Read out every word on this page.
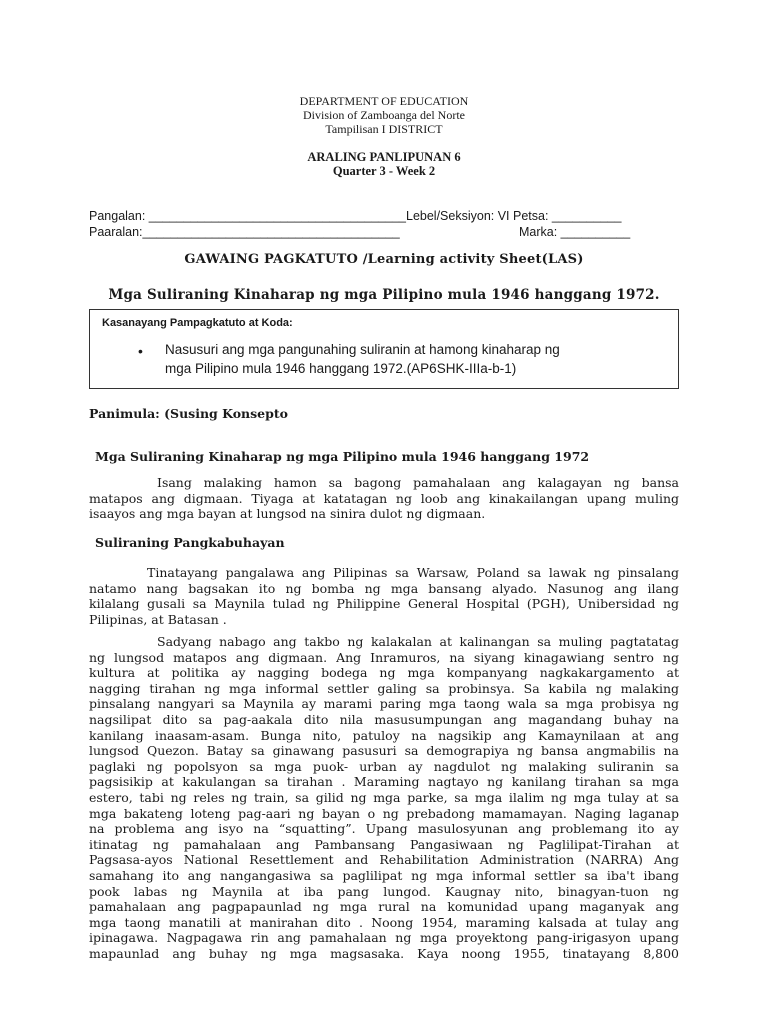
DEPARTMENT OF EDUCATION
Division of Zamboanga del Norte
Tampilisan I DISTRICT
ARALING PANLIPUNAN 6
Quarter 3 - Week 2
Pangalan: _____________________________________Lebel/Seksiyon: VI Petsa: __________
Paaralan:_____________________________________	Marka: __________
GAWAING PAGKATUTO /Learning activity Sheet(LAS)
Mga Suliraning Kinaharap ng mga Pilipino mula 1946 hanggang 1972.
Kasanayang Pampagkatuto at Koda:
• Nasusuri ang mga pangunahing suliranin at hamong kinaharap ng
mga Pilipino mula 1946 hanggang 1972.(AP6SHK-IIIa-b-1)
Panimula: (Susing Konsepto
Mga Suliraning Kinaharap ng mga Pilipino mula 1946 hanggang 1972
Isang malaking hamon sa bagong pamahalaan ang kalagayan ng bansa
matapos ang digmaan. Tiyaga at katatagan ng loob ang kinakailangan upang muling
isaayos ang mga bayan at lungsod na sinira dulot ng digmaan.
Suliraning Pangkabuhayan
Tinatayang pangalawa ang Pilipinas sa Warsaw, Poland sa lawak ng pinsalang
natamo nang bagsakan ito ng bomba ng mga bansang alyado. Nasunog ang ilang
kilalang gusali sa Maynila tulad ng Philippine General Hospital (PGH), Unibersidad ng
Pilipinas, at Batasan .
Sadyang nabago ang takbo ng kalakalan at kalinangan sa muling pagtatatag
ng lungsod matapos ang digmaan. Ang Inramuros, na siyang kinagawiang sentro ng
kultura at politika ay nagging bodega ng mga kompanyang nagkakargamento at
nagging tirahan ng mga informal settler galing sa probinsya. Sa kabila ng malaking
pinsalang nangyari sa Maynila ay marami paring mga taong wala sa mga probisya ng
nagsilipat dito sa pag-aakala dito nila masusumpungan ang magandang buhay na
kanilang inaasam-asam. Bunga nito, patuloy na nagsikip ang Kamaynilaan at ang
lungsod Quezon. Batay sa ginawang pasusuri sa demograpiya ng bansa angmabilis na
paglaki ng popolsyon sa mga puok- urban ay nagdulot ng malaking suliranin sa
pagsisikip at kakulangan sa tirahan . Maraming nagtayo ng kanilang tirahan sa mga
estero, tabi ng reles ng train, sa gilid ng mga parke, sa mga ilalim ng mga tulay at sa
mga bakateng loteng pag-aari ng bayan o ng prebadong mamamayan. Naging laganap
na problema ang isyo na “squatting”. Upang masulosyunan ang problemang ito ay
itinatag ng pamahalaan ang Pambansang Pangasiwaan ng Paglilipat-Tirahan at
Pagsasa-ayos National Resettlement and Rehabilitation Administration (NARRA) Ang
samahang ito ang nangangasiwa sa paglilipat ng mga informal settler sa iba't ibang
pook labas ng Maynila at iba pang lungod. Kaugnay nito, binagyan-tuon ng
pamahalaan ang pagpapaunlad ng mga rural na komunidad upang maganyak ang
mga taong manatili at manirahan dito . Noong 1954, maraming kalsada at tulay ang
ipinagawa. Nagpagawa rin ang pamahalaan ng mga proyektong pang-irigasyon upang
mapaunlad ang buhay ng mga magsasaka. Kaya noong 1955, tinatayang 8,800
